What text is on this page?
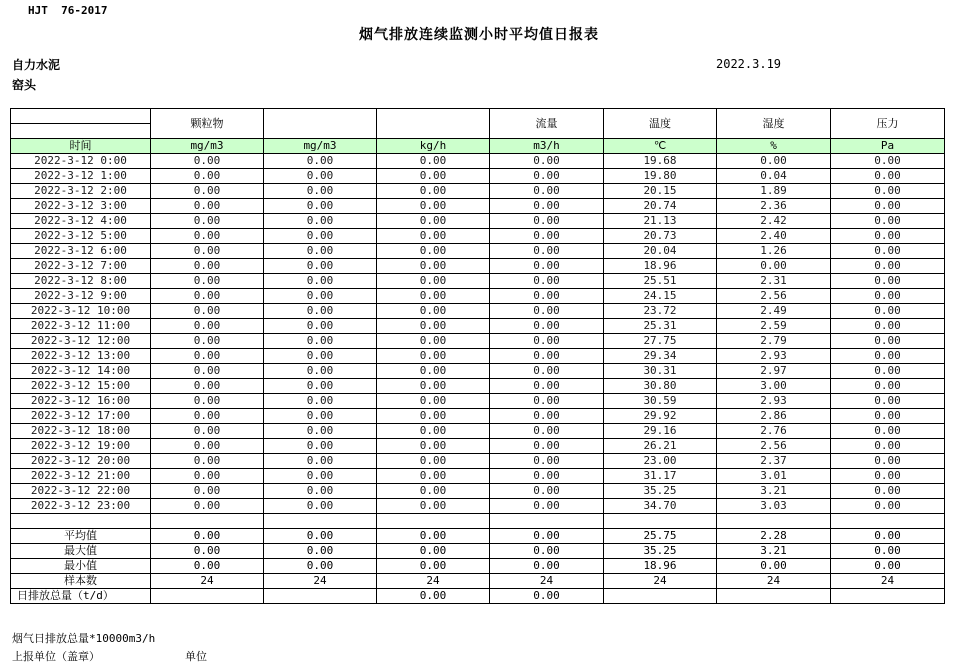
HJT  76-2017
烟气排放连续监测小时平均值日报表
自力水泥
窑头
2022.3.19
	颗粒物			流量	温度	湿度	压力
时间	mg/m3	mg/m3	kg/h	m3/h	℃	%	Pa
2022-3-12 0:00	0.00	0.00	0.00	0.00	19.68	0.00	0.00
2022-3-12 1:00	0.00	0.00	0.00	0.00	19.80	0.04	0.00
2022-3-12 2:00	0.00	0.00	0.00	0.00	20.15	1.89	0.00
2022-3-12 3:00	0.00	0.00	0.00	0.00	20.74	2.36	0.00
2022-3-12 4:00	0.00	0.00	0.00	0.00	21.13	2.42	0.00
2022-3-12 5:00	0.00	0.00	0.00	0.00	20.73	2.40	0.00
2022-3-12 6:00	0.00	0.00	0.00	0.00	20.04	1.26	0.00
2022-3-12 7:00	0.00	0.00	0.00	0.00	18.96	0.00	0.00
2022-3-12 8:00	0.00	0.00	0.00	0.00	25.51	2.31	0.00
2022-3-12 9:00	0.00	0.00	0.00	0.00	24.15	2.56	0.00
2022-3-12 10:00	0.00	0.00	0.00	0.00	23.72	2.49	0.00
2022-3-12 11:00	0.00	0.00	0.00	0.00	25.31	2.59	0.00
2022-3-12 12:00	0.00	0.00	0.00	0.00	27.75	2.79	0.00
2022-3-12 13:00	0.00	0.00	0.00	0.00	29.34	2.93	0.00
2022-3-12 14:00	0.00	0.00	0.00	0.00	30.31	2.97	0.00
2022-3-12 15:00	0.00	0.00	0.00	0.00	30.80	3.00	0.00
2022-3-12 16:00	0.00	0.00	0.00	0.00	30.59	2.93	0.00
2022-3-12 17:00	0.00	0.00	0.00	0.00	29.92	2.86	0.00
2022-3-12 18:00	0.00	0.00	0.00	0.00	29.16	2.76	0.00
2022-3-12 19:00	0.00	0.00	0.00	0.00	26.21	2.56	0.00
2022-3-12 20:00	0.00	0.00	0.00	0.00	23.00	2.37	0.00
2022-3-12 21:00	0.00	0.00	0.00	0.00	31.17	3.01	0.00
2022-3-12 22:00	0.00	0.00	0.00	0.00	35.25	3.21	0.00
2022-3-12 23:00	0.00	0.00	0.00	0.00	34.70	3.03	0.00

平均值	0.00	0.00	0.00	0.00	25.75	2.28	0.00
最大值	0.00	0.00	0.00	0.00	35.25	3.21	0.00
最小值	0.00	0.00	0.00	0.00	18.96	0.00	0.00
样本数	24	24	24	24	24	24	24
日排放总量（t/d）			0.00	0.00			
烟气日排放总量*10000m3/h
上报单位（盖章）	单位
